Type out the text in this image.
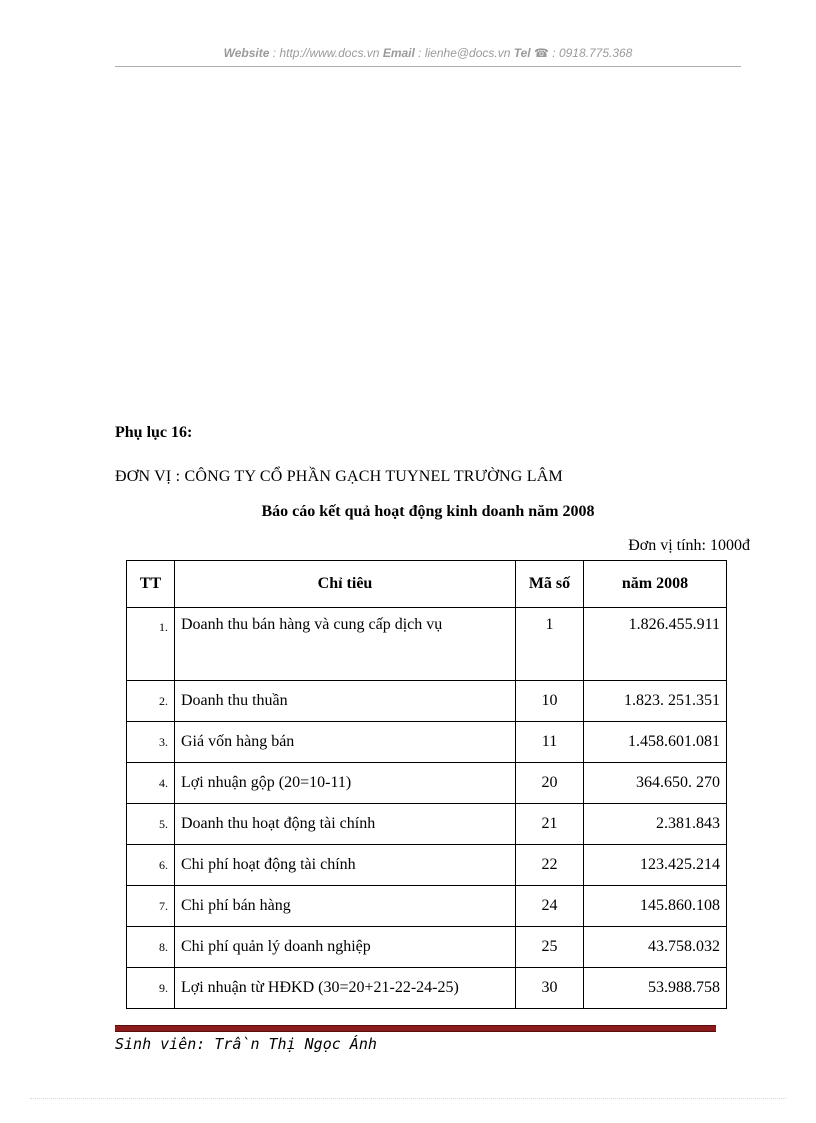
Website : http://www.docs.vn Email : lienhe@docs.vn Tel ☎ : 0918.775.368
Phụ lục 16:
ĐƠN VỊ : CÔNG TY CỔ PHẦN GẠCH TUYNEL TRƯỜNG LÂM
Báo cáo kết quả hoạt động kinh doanh năm 2008
Đơn vị tính: 1000đ
TT	Chỉ tiêu	Mã số	năm 2008
1.	Doanh thu bán hàng và cung cấp dịch vụ	1	1.826.455.911
2.	Doanh thu thuần	10	1.823. 251.351
3.	Giá vốn hàng bán	11	1.458.601.081
4.	Lợi nhuận gộp (20=10-11)	20	364.650. 270
5.	Doanh thu hoạt động tài chính	21	2.381.843
6.	Chi phí hoạt động tài chính	22	123.425.214
7.	Chi phí bán hàng	24	145.860.108
8.	Chi phí quản lý doanh nghiệp	25	43.758.032
9.	Lợi nhuận từ HĐKD (30=20+21-22-24-25)	30	53.988.758
Sinh viên: Trần Thị Ngọc Ánh
